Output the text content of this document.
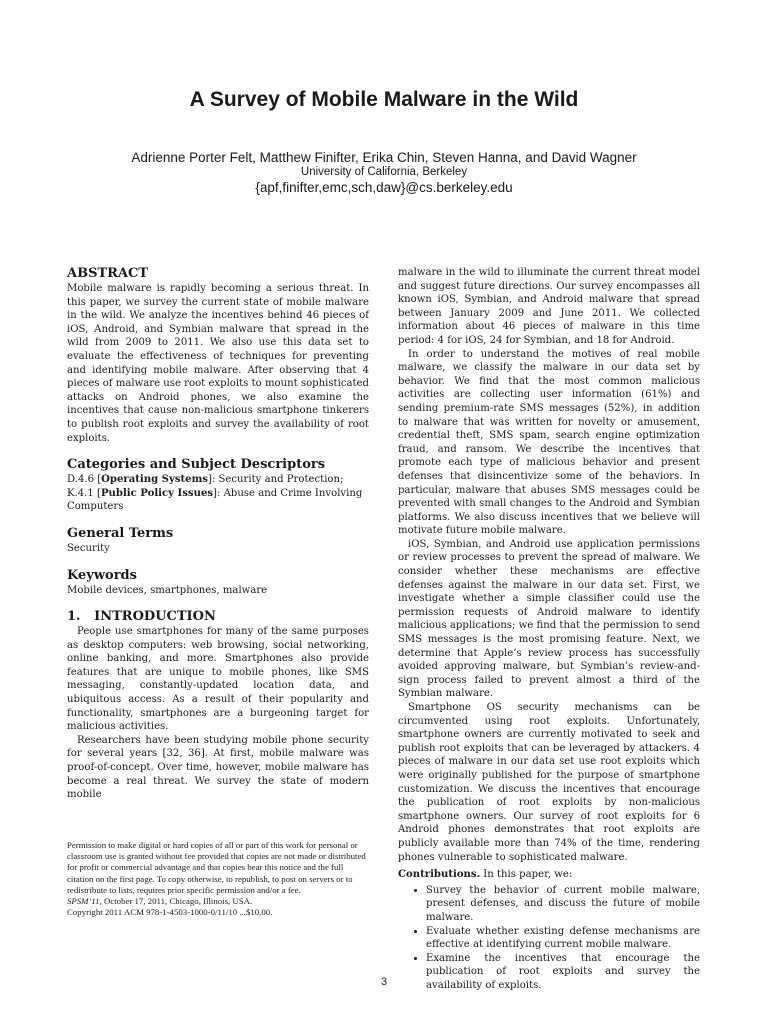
A Survey of Mobile Malware in the Wild
Adrienne Porter Felt, Matthew Finifter, Erika Chin, Steven Hanna, and David Wagner
University of California, Berkeley
{apf,finifter,emc,sch,daw}@cs.berkeley.edu
ABSTRACT

Mobile malware is rapidly becoming a serious threat. In this paper, we survey the current state of mobile malware in the wild. We analyze the incentives behind 46 pieces of iOS, Android, and Symbian malware that spread in the wild from 2009 to 2011. We also use this data set to evaluate the effectiveness of techniques for preventing and identifying mobile malware. After observing that 4 pieces of malware use root exploits to mount sophisticated attacks on Android phones, we also examine the incentives that cause non-malicious smartphone tinkerers to publish root exploits and survey the availability of root exploits.

Categories and Subject Descriptors

D.4.6 [Operating Systems]: Security and Protection; K.4.1 [Public Policy Issues]: Abuse and Crime Involving Computers

General Terms

Security

Keywords

Mobile devices, smartphones, malware

1.   INTRODUCTION

People use smartphones for many of the same purposes as desktop computers: web browsing, social networking, online banking, and more. Smartphones also provide features that are unique to mobile phones, like SMS messaging, constantly-updated location data, and ubiquitous access. As a result of their popularity and functionality, smartphones are a burgeoning target for malicious activities.

Researchers have been studying mobile phone security for several years [32, 36]. At first, mobile malware was proof-of-concept. Over time, however, mobile malware has become a real threat. We survey the state of modern mobile

Permission to make digital or hard copies of all or part of this work for personal or classroom use is granted without fee provided that copies are not made or distributed for profit or commercial advantage and that copies bear this notice and the full citation on the first page. To copy otherwise, to republish, to post on servers or to redistribute to lists, requires prior specific permission and/or a fee.

SPSM’11, October 17, 2011, Chicago, Illinois, USA.

Copyright 2011 ACM 978-1-4503-1000-0/11/10 ...$10.00.

malware in the wild to illuminate the current threat model and suggest future directions. Our survey encompasses all known iOS, Symbian, and Android malware that spread between January 2009 and June 2011. We collected information about 46 pieces of malware in this time period: 4 for iOS, 24 for Symbian, and 18 for Android.

In order to understand the motives of real mobile malware, we classify the malware in our data set by behavior. We find that the most common malicious activities are collecting user information (61%) and sending premium-rate SMS messages (52%), in addition to malware that was written for novelty or amusement, credential theft, SMS spam, search engine optimization fraud, and ransom. We describe the incentives that promote each type of malicious behavior and present defenses that disincentivize some of the behaviors. In particular, malware that abuses SMS messages could be prevented with small changes to the Android and Symbian platforms. We also discuss incentives that we believe will motivate future mobile malware.

iOS, Symbian, and Android use application permissions or review processes to prevent the spread of malware. We consider whether these mechanisms are effective defenses against the malware in our data set. First, we investigate whether a simple classifier could use the permission requests of Android malware to identify malicious applications; we find that the permission to send SMS messages is the most promising feature. Next, we determine that Apple’s review process has successfully avoided approving malware, but Symbian’s review-and-sign process failed to prevent almost a third of the Symbian malware.

Smartphone OS security mechanisms can be circumvented using root exploits. Unfortunately, smartphone owners are currently motivated to seek and publish root exploits that can be leveraged by attackers. 4 pieces of malware in our data set use root exploits which were originally published for the purpose of smartphone customization. We discuss the incentives that encourage the publication of root exploits by non-malicious smartphone owners. Our survey of root exploits for 6 Android phones demonstrates that root exploits are publicly available more than 74% of the time, rendering phones vulnerable to sophisticated malware.

Contributions. In this paper, we:

• Survey the behavior of current mobile malware, present defenses, and discuss the future of mobile malware.
• Evaluate whether existing defense mechanisms are effective at identifying current mobile malware.
• Examine the incentives that encourage the publication of root exploits and survey the availability of exploits.
3
